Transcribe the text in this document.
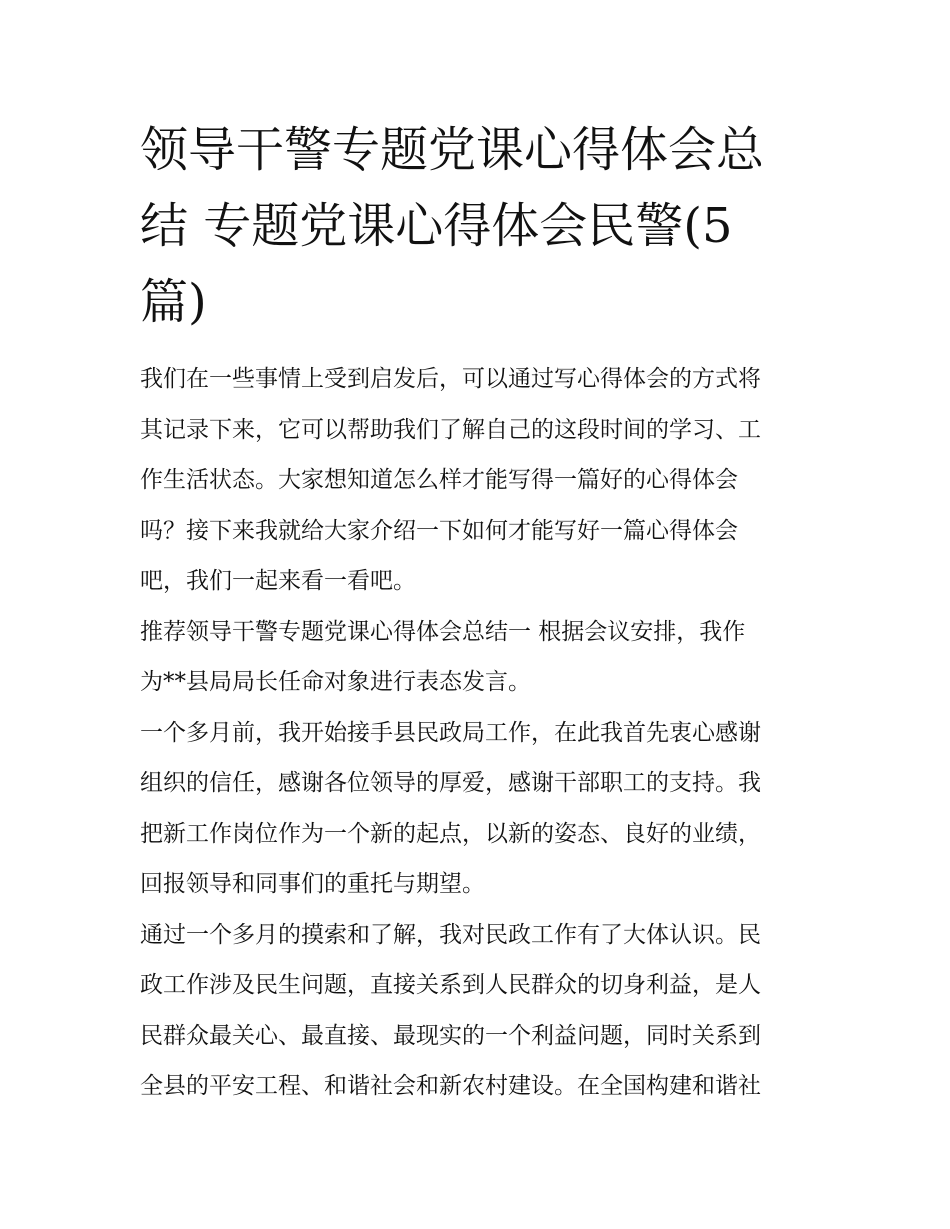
领导干警专题党课心得体会总
结 专题党课心得体会民警(5
篇)

我们在一些事情上受到启发后，可以通过写心得体会的方式将
其记录下来，它可以帮助我们了解自己的这段时间的学习、工
作生活状态。大家想知道怎么样才能写得一篇好的心得体会
吗？接下来我就给大家介绍一下如何才能写好一篇心得体会
吧，我们一起来看一看吧。

推荐领导干警专题党课心得体会总结一 根据会议安排，我作
为**县局局长任命对象进行表态发言。

一个多月前，我开始接手县民政局工作，在此我首先衷心感谢
组织的信任，感谢各位领导的厚爱，感谢干部职工的支持。我
把新工作岗位作为一个新的起点，以新的姿态、良好的业绩，
回报领导和同事们的重托与期望。

通过一个多月的摸索和了解，我对民政工作有了大体认识。民
政工作涉及民生问题，直接关系到人民群众的切身利益，是人
民群众最关心、最直接、最现实的一个利益问题，同时关系到
全县的平安工程、和谐社会和新农村建设。在全国构建和谐社
